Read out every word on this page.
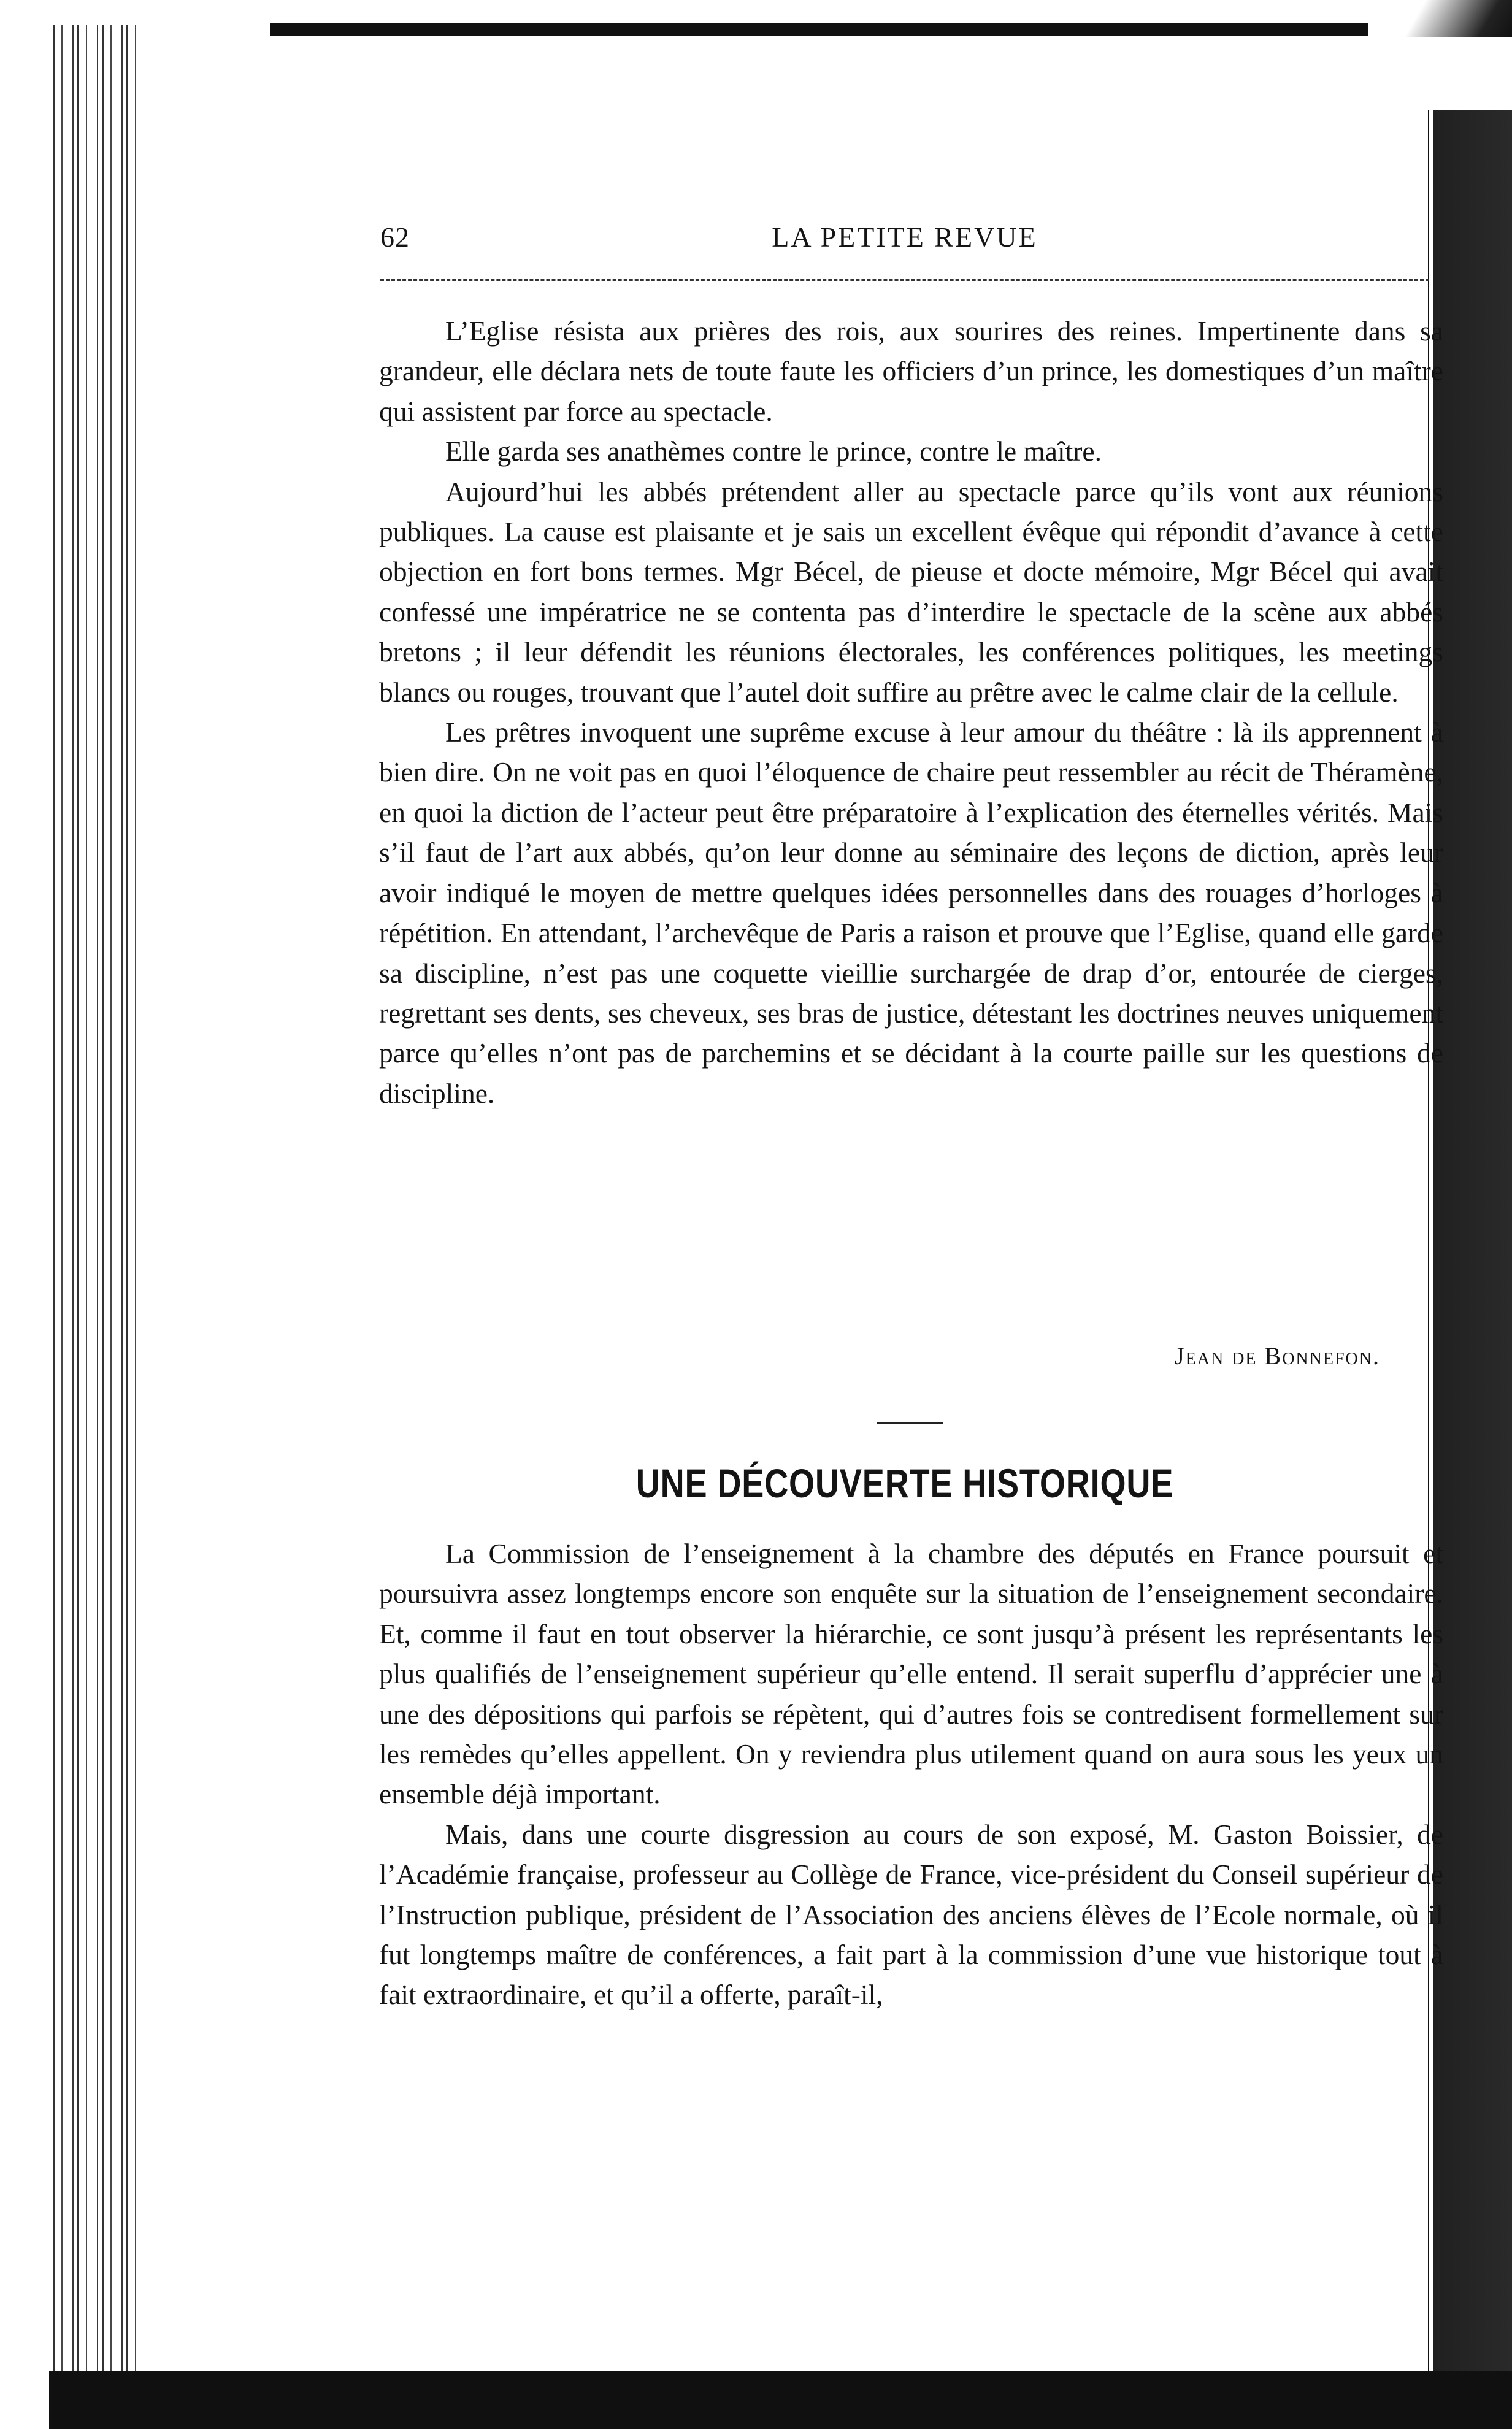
62	LA PETITE REVUE

L’Eglise résista aux prières des rois, aux sourires des reines. Impertinente dans sa grandeur, elle déclara nets de toute faute les officiers d’un prince, les domestiques d’un maître qui assistent par force au spectacle.

Elle garda ses anathèmes contre le prince, contre le maître.

Aujourd’hui les abbés prétendent aller au spectacle parce qu’ils vont aux réunions publiques. La cause est plaisante et je sais un excellent évêque qui répondit d’avance à cette objection en fort bons termes. Mgr Bécel, de pieuse et docte mémoire, Mgr Bécel qui avait confessé une impératrice ne se contenta pas d’interdire le spectacle de la scène aux abbés bretons ; il leur défendit les réunions électorales, les conférences politiques, les meetings blancs ou rouges, trouvant que l’autel doit suffire au prêtre avec le calme clair de la cellule.

Les prêtres invoquent une suprême excuse à leur amour du théâtre : là ils apprennent à bien dire. On ne voit pas en quoi l’éloquence de chaire peut ressembler au récit de Théramène, en quoi la diction de l’acteur peut être préparatoire à l’explication des éternelles vérités. Mais s’il faut de l’art aux abbés, qu’on leur donne au séminaire des leçons de diction, après leur avoir indiqué le moyen de mettre quelques idées personnelles dans des rouages d’horloges à répétition. En attendant, l’archevêque de Paris a raison et prouve que l’Eglise, quand elle garde sa discipline, n’est pas une coquette vieillie surchargée de drap d’or, entourée de cierges, regrettant ses dents, ses cheveux, ses bras de justice, détestant les doctrines neuves uniquement parce qu’elles n’ont pas de parchemins et se décidant à la courte paille sur les questions de discipline.

Jean de Bonnefon.
UNE DÉCOUVERTE HISTORIQUE

La Commission de l’enseignement à la chambre des députés en France poursuit et poursuivra assez longtemps encore son enquête sur la situation de l’enseignement secondaire. Et, comme il faut en tout observer la hiérarchie, ce sont jusqu’à présent les représentants les plus qualifiés de l’enseignement supérieur qu’elle entend. Il serait superflu d’apprécier une à une des dépositions qui parfois se répètent, qui d’autres fois se contredisent formellement sur les remèdes qu’elles appellent. On y reviendra plus utilement quand on aura sous les yeux un ensemble déjà important.

Mais, dans une courte disgression au cours de son exposé, M. Gaston Boissier, de l’Académie française, professeur au Collège de France, vice-président du Conseil supérieur de l’Instruction publique, président de l’Association des anciens élèves de l’Ecole normale, où il fut longtemps maître de conférences, a fait part à la commission d’une vue historique tout à fait extraordinaire, et qu’il a offerte, paraît-il,
